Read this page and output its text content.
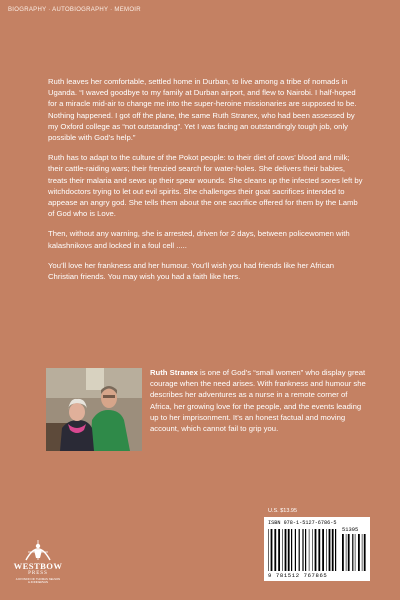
BIOGRAPHY · AUTOBIOGRAPHY · MEMOIR

Ruth leaves her comfortable, settled home in Durban, to live among a tribe of nomads in Uganda. “I waved goodbye to my family at Durban airport, and flew to Nairobi. I half-hoped for a miracle mid-air to change me into the super-heroine missionaries are supposed to be. Nothing happened. I got off the plane, the same Ruth Stranex, who had been assessed by my Oxford college as “not outstanding”. Yet I was facing an outstandingly tough job, only possible with God’s help.”

Ruth has to adapt to the culture of the Pokot people: to their diet of cows’ blood and milk; their cattle-raiding wars; their frenzied search for water-holes. She delivers their babies, treats their malaria and sews up their spear wounds. She cleans up the infected sores left by witchdoctors trying to let out evil spirits. She challenges their goat sacrifices intended to appease an angry god. She tells them about the one sacrifice offered for them by the Lamb of God who is Love.

Then, without any warning, she is arrested, driven for 2 days, between policewomen with kalashnikovs and locked in a foul cell .....

You’ll love her frankness and her humour. You’ll wish you had friends like her African Christian friends. You may wish you had a faith like hers.

Ruth Stranex is one of God’s “small women” who display great courage when the need arises. With frankness and humour she describes her adventures as a nurse in a remote corner of Africa, her growing love for the people, and the events leading up to her imprisonment. It’s an honest factual and moving account, which cannot fail to grip you.

U.S. $13.95
ISBN 978-1-5127-6786-5
51395
9 781512 767865
WESTBOW
PRESS
A DIVISION OF THOMAS NELSON
& ZONDERVAN
